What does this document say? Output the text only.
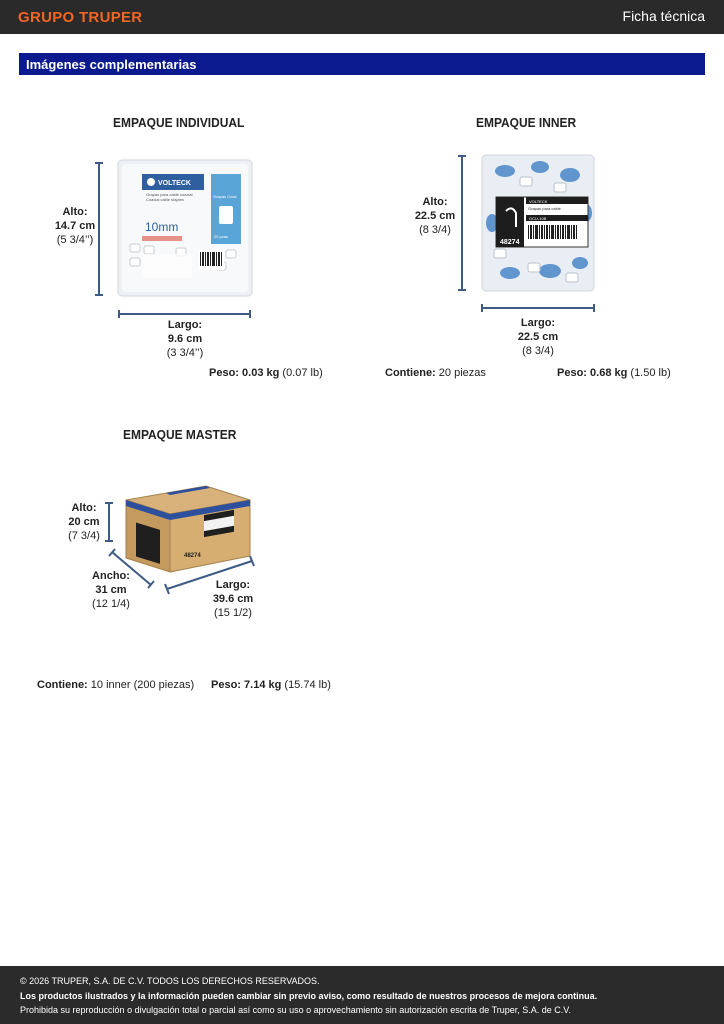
GRUPO TRUPER	Ficha técnica
Imágenes complementarias
EMPAQUE INDIVIDUAL
Alto:
14.7 cm
(5 3/4’’)
VOLTECK
Grapas para cable coaxial
Coaxial cable staples
Grapas Coax
20 pzas
10mm
Largo:
9.6 cm
(3 3/4’’)
Peso: 0.03 kg (0.07 lb)
EMPAQUE INNER
Alto:
22.5 cm
(8 3/4)
VOLTECK
Grapas para cable
GCU-10B
48274
Largo:
22.5 cm
(8 3/4)
Contiene: 20 piezas	Peso: 0.68 kg (1.50 lb)
EMPAQUE MASTER
Alto:
20 cm
(7 3/4)
48274
Ancho:
31 cm
(12 1/4)
Largo:
39.6 cm
(15 1/2)
Contiene: 10 inner (200 piezas) Peso: 7.14 kg (15.74 lb)
© 2026 TRUPER, S.A. DE C.V. TODOS LOS DERECHOS RESERVADOS.
Los productos ilustrados y la información pueden cambiar sin previo aviso, como resultado de nuestros procesos de mejora continua.
Prohibida su reproducción o divulgación total o parcial así como su uso o aprovechamiento sin autorización escrita de Truper, S.A. de C.V.
